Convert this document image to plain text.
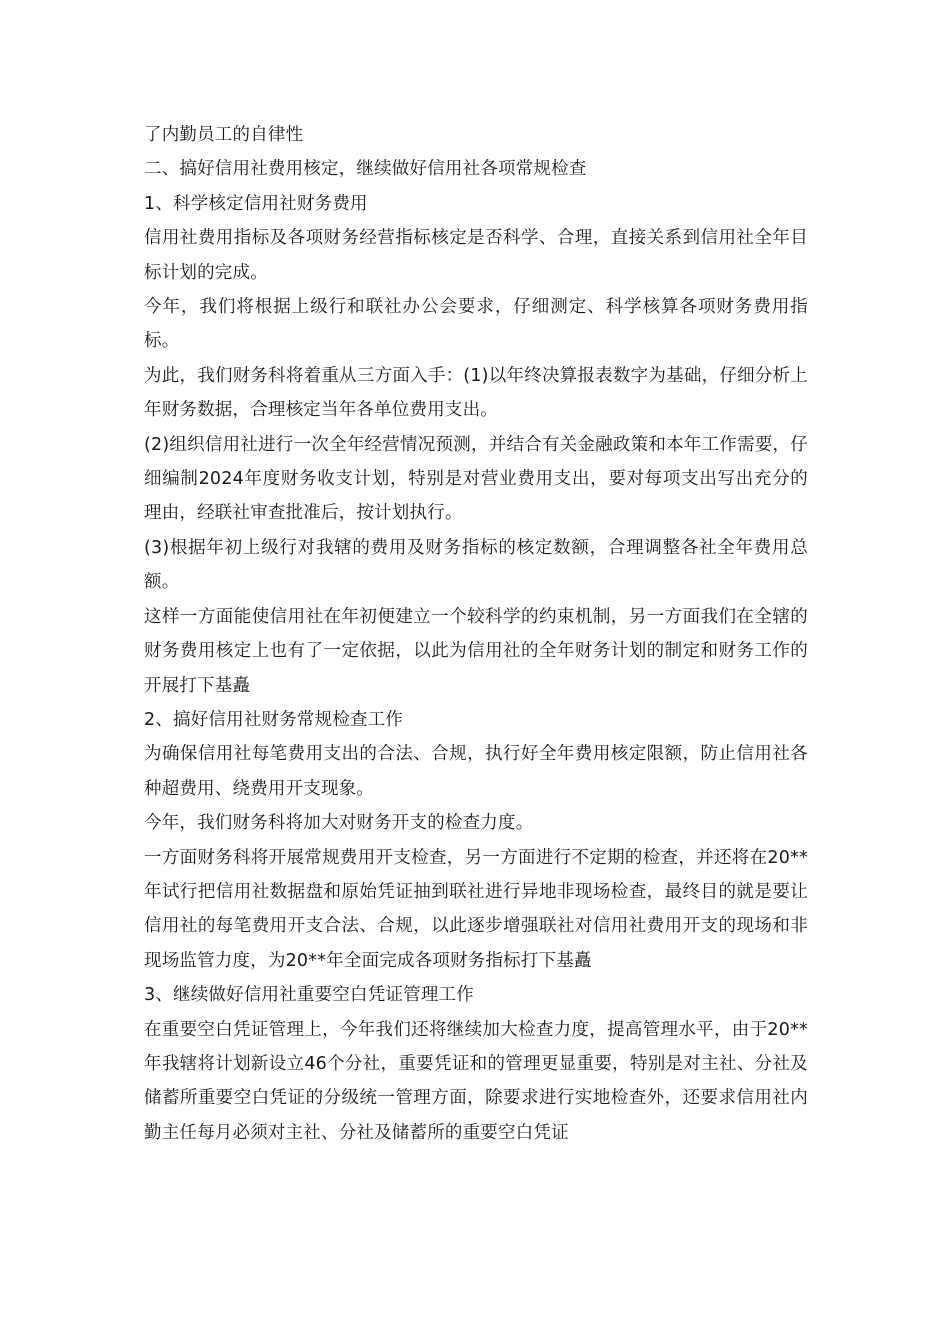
了内勤员工的自律性

二、搞好信用社费用核定，继续做好信用社各项常规检查

1、科学核定信用社财务费用

信用社费用指标及各项财务经营指标核定是否科学、合理，直接关系到信用社全年目标计划的完成。

今年，我们将根据上级行和联社办公会要求，仔细测定、科学核算各项财务费用指标。

为此，我们财务科将着重从三方面入手：(1)以年终决算报表数字为基础，仔细分析上年财务数据，合理核定当年各单位费用支出。

(2)组织信用社进行一次全年经营情况预测，并结合有关金融政策和本年工作需要，仔细编制2024年度财务收支计划，特别是对营业费用支出，要对每项支出写出充分的理由，经联社审查批准后，按计划执行。

(3)根据年初上级行对我辖的费用及财务指标的核定数额，合理调整各社全年费用总额。

这样一方面能使信用社在年初便建立一个较科学的约束机制，另一方面我们在全辖的财务费用核定上也有了一定依据，以此为信用社的全年财务计划的制定和财务工作的开展打下基矗

2、搞好信用社财务常规检查工作

为确保信用社每笔费用支出的合法、合规，执行好全年费用核定限额，防止信用社各种超费用、绕费用开支现象。

今年，我们财务科将加大对财务开支的检查力度。

一方面财务科将开展常规费用开支检查，另一方面进行不定期的检查，并还将在20**年试行把信用社数据盘和原始凭证抽到联社进行异地非现场检查，最终目的就是要让信用社的每笔费用开支合法、合规，以此逐步增强联社对信用社费用开支的现场和非现场监管力度，为20**年全面完成各项财务指标打下基矗

3、继续做好信用社重要空白凭证管理工作

在重要空白凭证管理上，今年我们还将继续加大检查力度，提高管理水平，由于20**年我辖将计划新设立46个分社，重要凭证和的管理更显重要，特别是对主社、分社及储蓄所重要空白凭证的分级统一管理方面，除要求进行实地检查外，还要求信用社内勤主任每月必须对主社、分社及储蓄所的重要空白凭证
